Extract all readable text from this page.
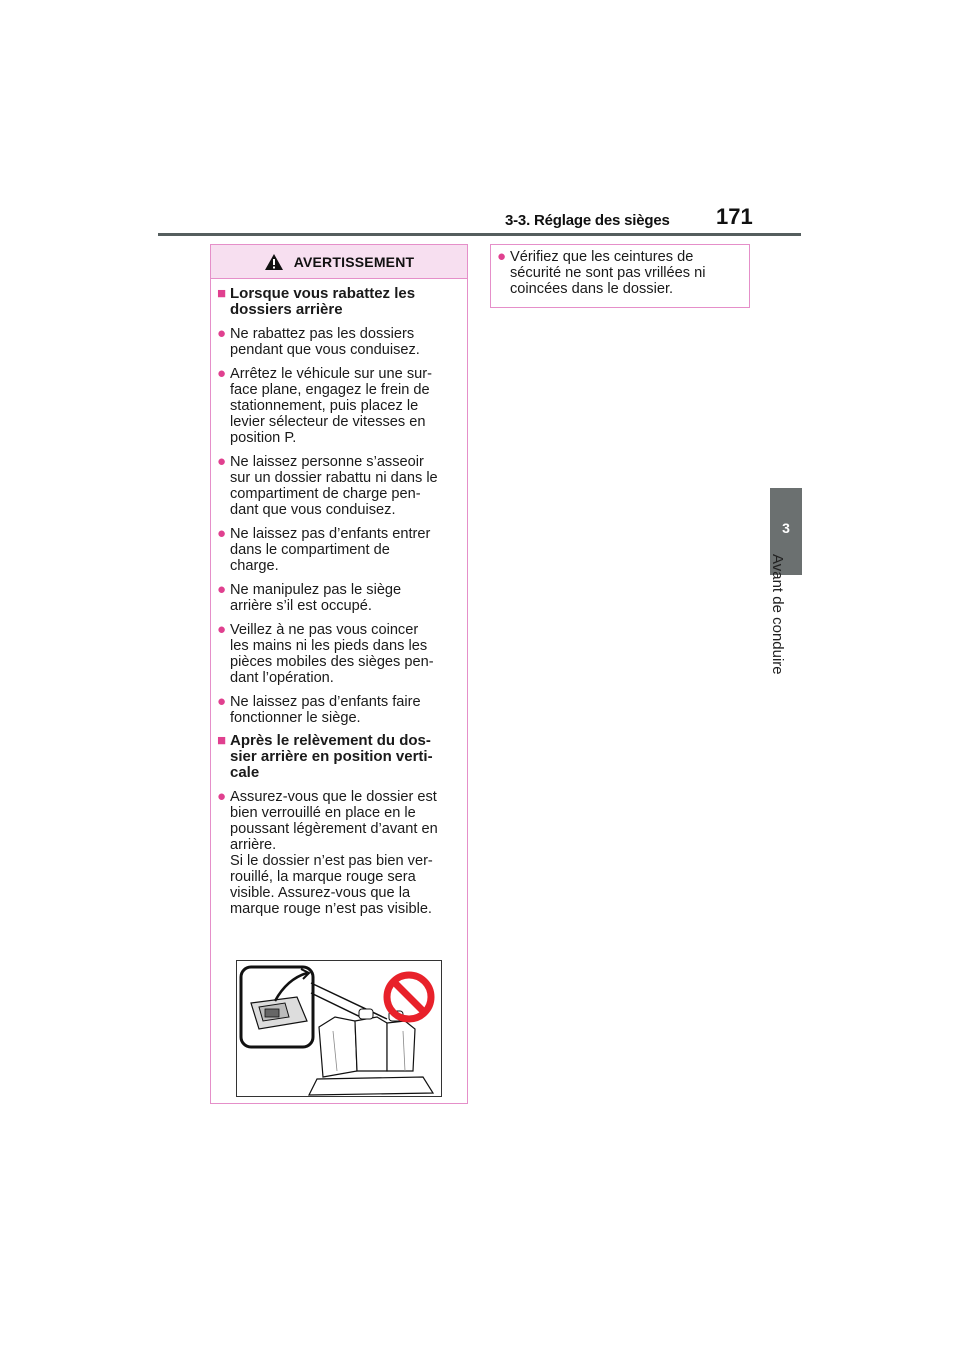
3-3. Réglage des sièges 171
3
Avant de conduire
AVERTISSEMENT
■ Lorsque vous rabattez les
dossiers arrière
● Ne rabattez pas les dossiers
pendant que vous conduisez.
● Arrêtez le véhicule sur une sur-
face plane, engagez le frein de
stationnement, puis placez le
levier sélecteur de vitesses en
position P.
● Ne laissez personne s’asseoir
sur un dossier rabattu ni dans le
compartiment de charge pen-
dant que vous conduisez.
● Ne laissez pas d’enfants entrer
dans le compartiment de
charge.
● Ne manipulez pas le siège
arrière s’il est occupé.
● Veillez à ne pas vous coincer
les mains ni les pieds dans les
pièces mobiles des sièges pen-
dant l’opération.
● Ne laissez pas d’enfants faire
fonctionner le siège.
■ Après le relèvement du dos-
sier arrière en position verti-
cale
● Assurez-vous que le dossier est
bien verrouillé en place en le
poussant légèrement d’avant en
arrière.
Si le dossier n’est pas bien ver-
rouillé, la marque rouge sera
visible. Assurez-vous que la
marque rouge n’est pas visible.
● Vérifiez que les ceintures de
sécurité ne sont pas vrillées ni
coincées dans le dossier.
